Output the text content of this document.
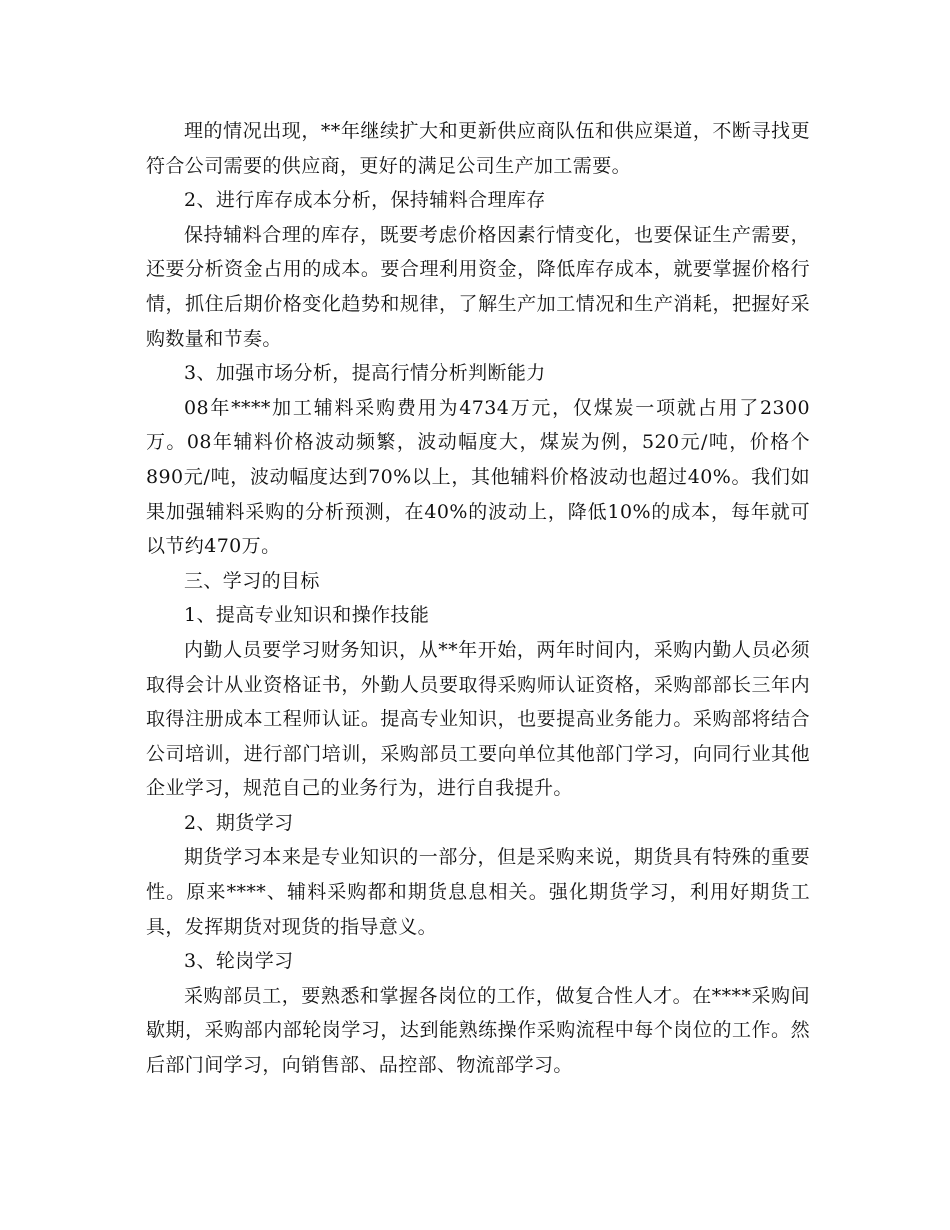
理的情况出现，**年继续扩大和更新供应商队伍和供应渠道，不断寻找更符合公司需要的供应商，更好的满足公司生产加工需要。

2、进行库存成本分析，保持辅料合理库存

保持辅料合理的库存，既要考虑价格因素行情变化，也要保证生产需要，还要分析资金占用的成本。要合理利用资金，降低库存成本，就要掌握价格行情，抓住后期价格变化趋势和规律，了解生产加工情况和生产消耗，把握好采购数量和节奏。

3、加强市场分析，提高行情分析判断能力

08年****加工辅料采购费用为4734万元，仅煤炭一项就占用了2300万。08年辅料价格波动频繁，波动幅度大，煤炭为例，520元/吨，价格个890元/吨，波动幅度达到70%以上，其他辅料价格波动也超过40%。我们如果加强辅料采购的分析预测，在40%的波动上，降低10%的成本，每年就可以节约470万。

三、学习的目标

1、提高专业知识和操作技能

内勤人员要学习财务知识，从**年开始，两年时间内，采购内勤人员必须取得会计从业资格证书，外勤人员要取得采购师认证资格，采购部部长三年内取得注册成本工程师认证。提高专业知识，也要提高业务能力。采购部将结合公司培训，进行部门培训，采购部员工要向单位其他部门学习，向同行业其他企业学习，规范自己的业务行为，进行自我提升。

2、期货学习

期货学习本来是专业知识的一部分，但是采购来说，期货具有特殊的重要性。原来****、辅料采购都和期货息息相关。强化期货学习，利用好期货工具，发挥期货对现货的指导意义。

3、轮岗学习

采购部员工，要熟悉和掌握各岗位的工作，做复合性人才。在****采购间歇期，采购部内部轮岗学习，达到能熟练操作采购流程中每个岗位的工作。然后部门间学习，向销售部、品控部、物流部学习。
